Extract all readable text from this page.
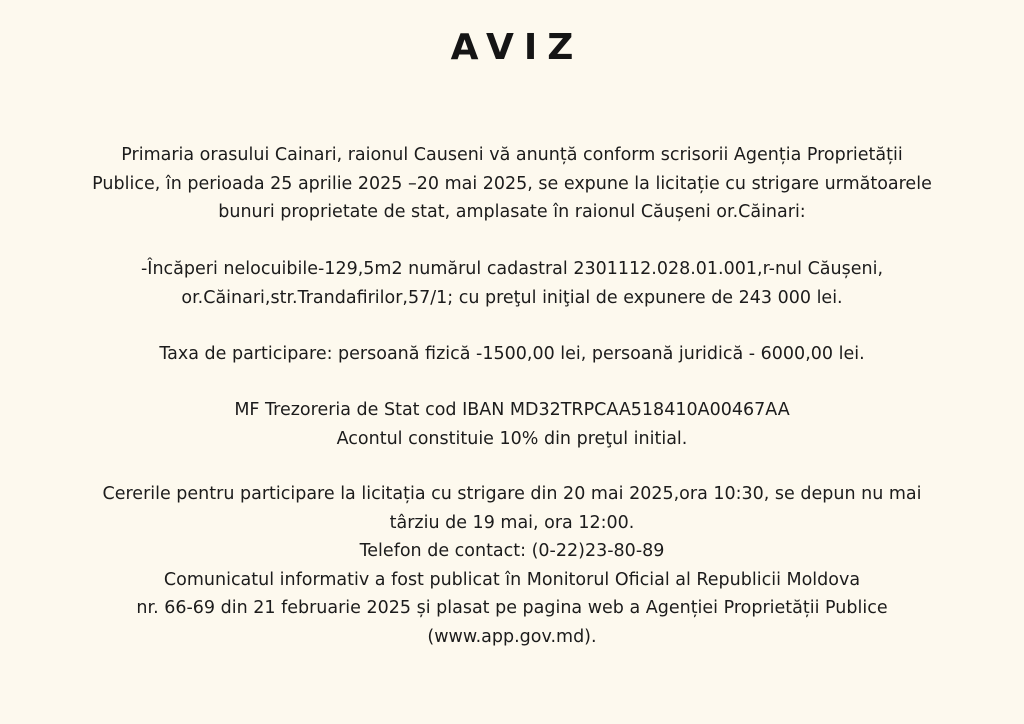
AVIZ
Primaria orasului Cainari, raionul Causeni vă anunță conform scrisorii Agenția Proprietății
Publice, în perioada 25 aprilie 2025 –20 mai 2025, se expune la licitație cu strigare următoarele
bunuri proprietate de stat, amplasate în raionul Căușeni or.Căinari:
-Încăperi nelocuibile-129,5m2 numărul cadastral 2301112.028.01.001,r-nul Căușeni,
or.Căinari,str.Trandafirilor,57/1; cu preţul iniţial de expunere de 243 000 lei.
Taxa de participare: persoană fizică -1500,00 lei, persoană juridică - 6000,00 lei.
MF Trezoreria de Stat cod IBAN MD32TRPCAA518410A00467AA
Acontul constituie 10% din preţul initial.
Cererile pentru participare la licitația cu strigare din 20 mai 2025,ora 10:30, se depun nu mai
târziu de 19 mai, ora 12:00.
Telefon de contact: (0-22)23-80-89
Comunicatul informativ a fost publicat în Monitorul Oficial al Republicii Moldova
nr. 66-69 din 21 februarie 2025 și plasat pe pagina web a Agenției Proprietății Publice
(www.app.gov.md).
